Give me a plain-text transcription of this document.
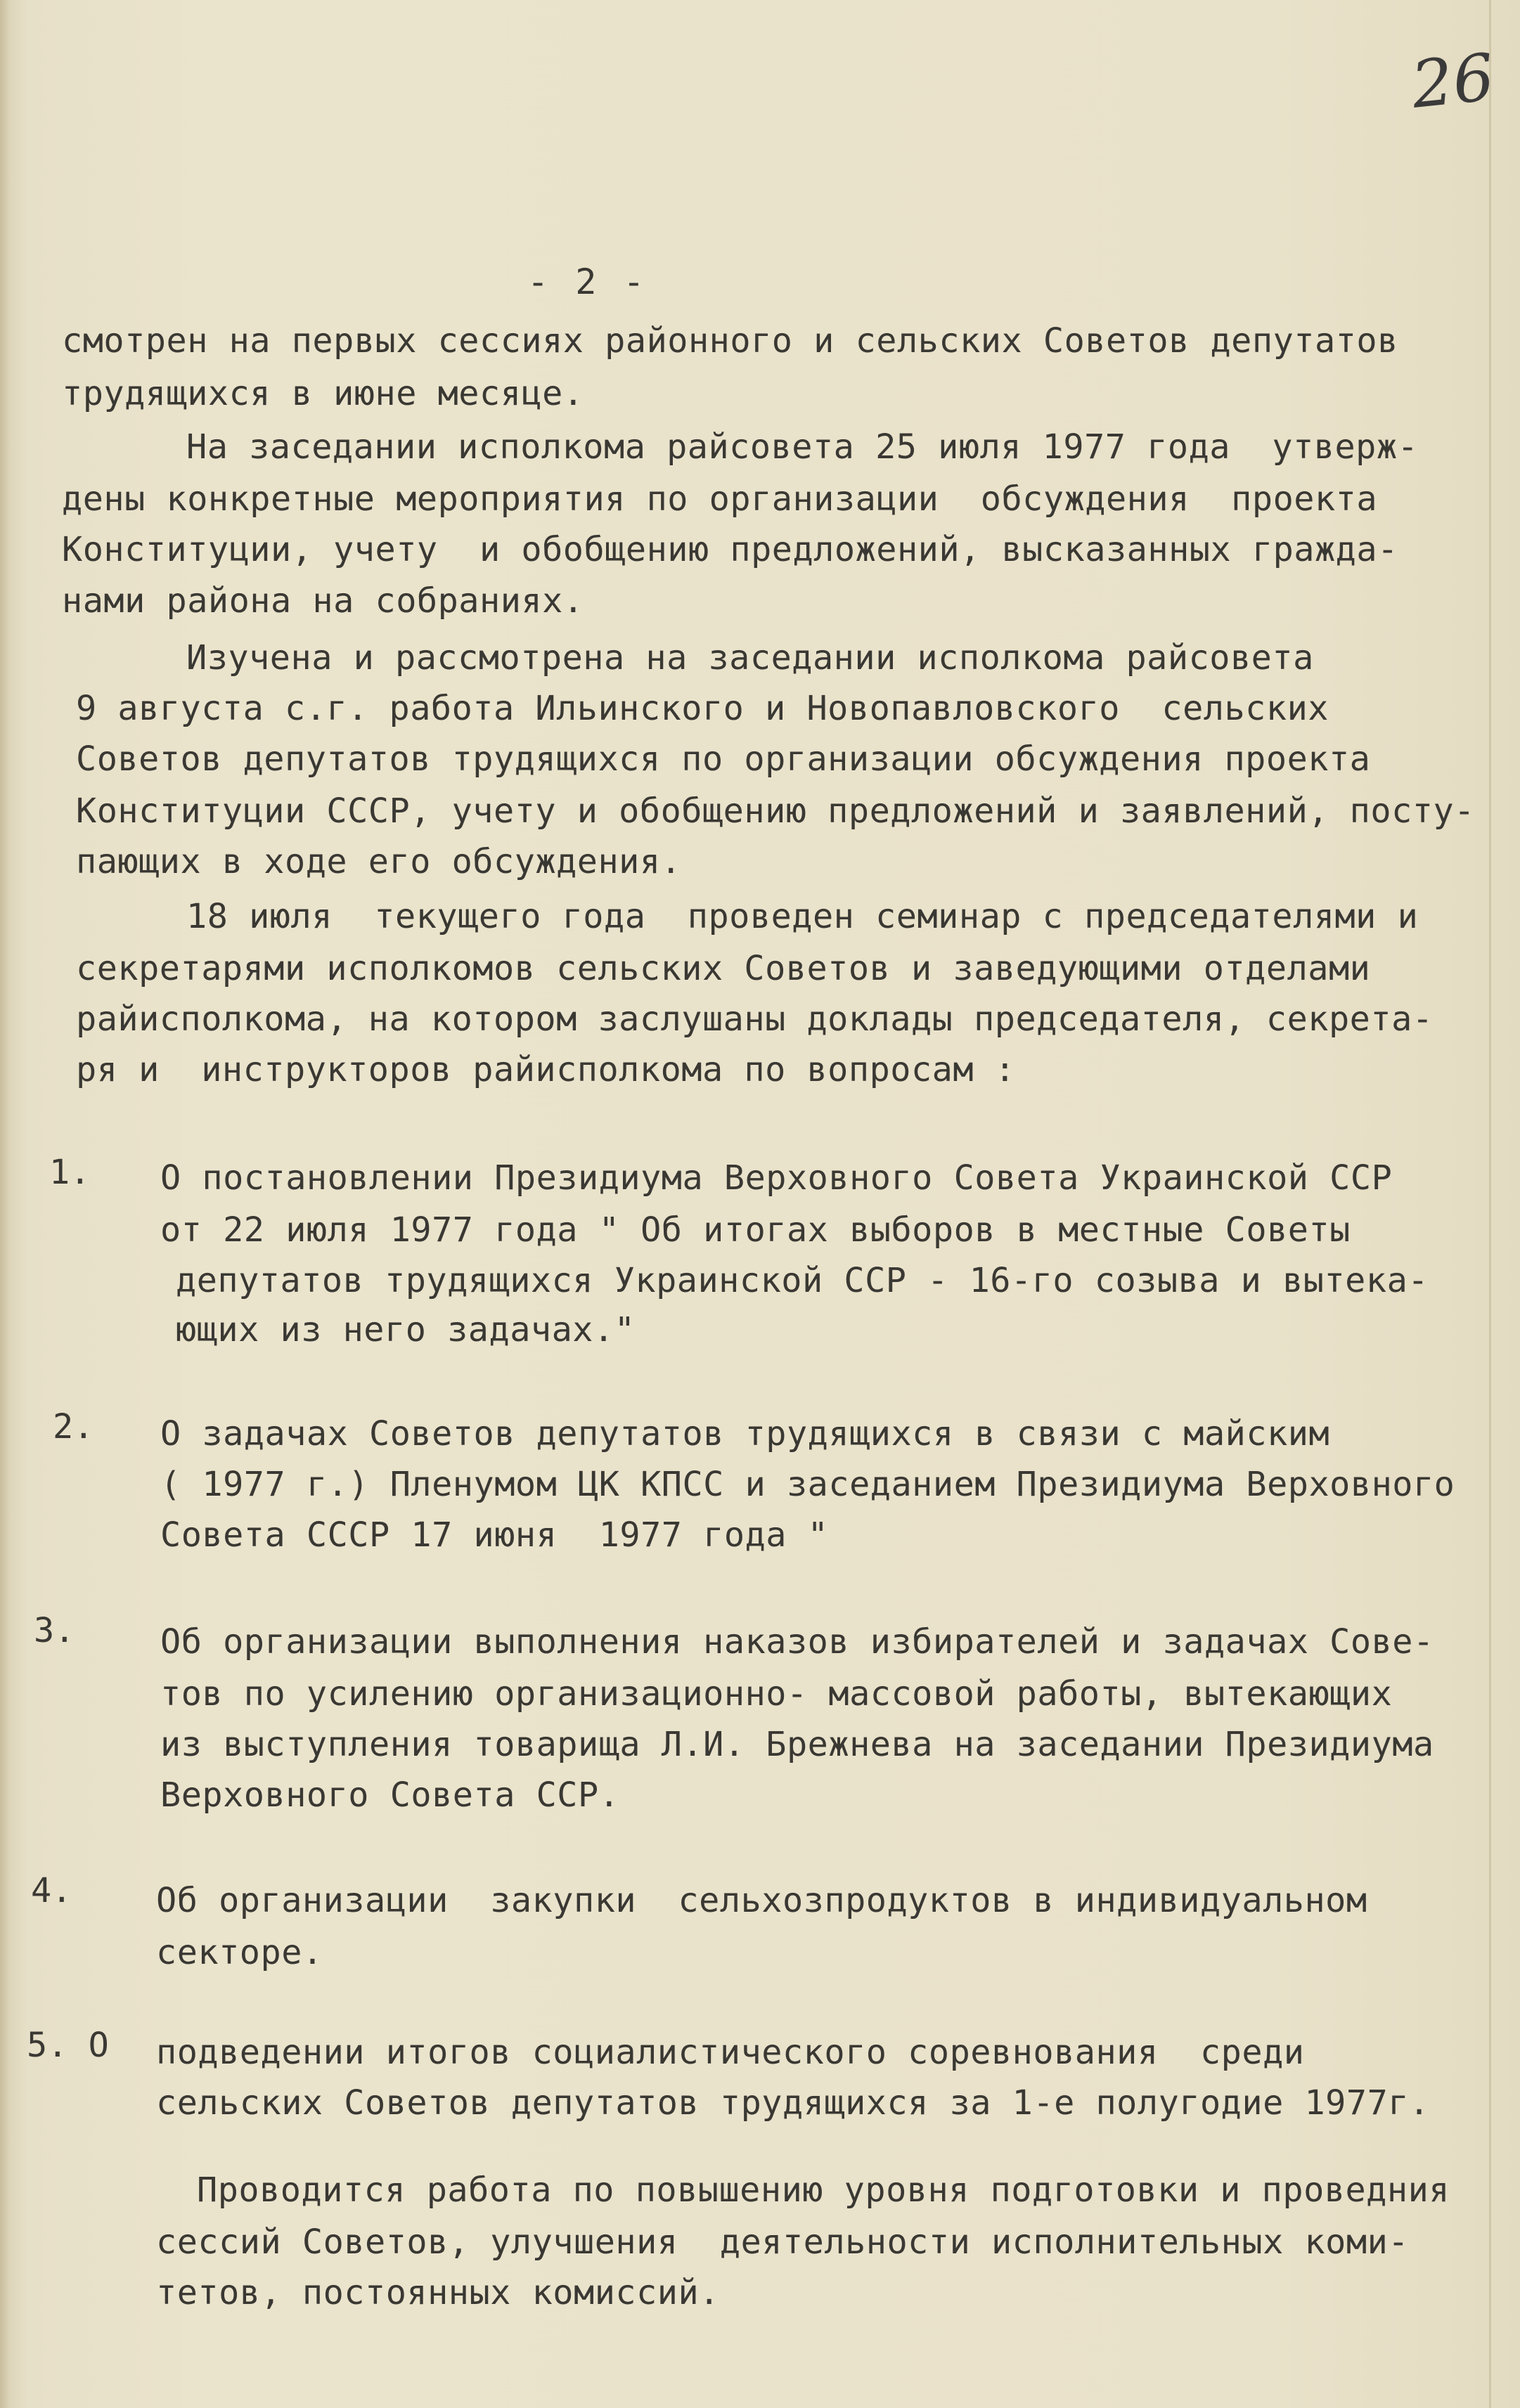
26
- 2 -
смотрен на первых сессиях районного и сельских Советов депутатов
трудящихся в июне месяце.
На заседании исполкома райсовета 25 июля 1977 года  утверж-
дены конкретные мероприятия по организации  обсуждения  проекта
Конституции, учету  и обобщению предложений, высказанных гражда-
нами района на собраниях.
Изучена и рассмотрена на заседании исполкома райсовета
9 августа с.г. работа Ильинского и Новопавловского  сельских
Советов депутатов трудящихся по организации обсуждения проекта
Конституции СССР, учету и обобщению предложений и заявлений, посту-
пающих в ходе его обсуждения.
18 июля  текущего года  проведен семинар с председателями и
секретарями исполкомов сельских Советов и заведующими отделами
райисполкома, на котором заслушаны доклады председателя, секрета-
ря и  инструкторов райисполкома по вопросам :
1. О постановлении Президиума Верховного Совета Украинской ССР
от 22 июля 1977 года " Об итогах выборов в местные Советы
депутатов трудящихся Украинской ССР - 16-го созыва и вытека-
ющих из него задачах."
2. О задачах Советов депутатов трудящихся в связи с майским
( 1977 г.) Пленумом ЦК КПСС и заседанием Президиума Верховного
Совета СССР 17 июня  1977 года "
3.	Об организации выполнения наказов избирателей и задачах Сове-
тов по усилению организационно- массовой работы, вытекающих
из выступления товарища Л.И. Брежнева на заседании Президиума
Верховного Совета ССР.
4. Об организации  закупки  сельхозпродуктов в индивидуальном
секторе.
5. О подведении итогов социалистического соревнования  среди
сельских Советов депутатов трудящихся за 1-е полугодие 1977г.
Проводится работа по повышению уровня подготовки и проведния
сессий Советов, улучшения  деятельности исполнительных коми-
тетов, постоянных комиссий.
